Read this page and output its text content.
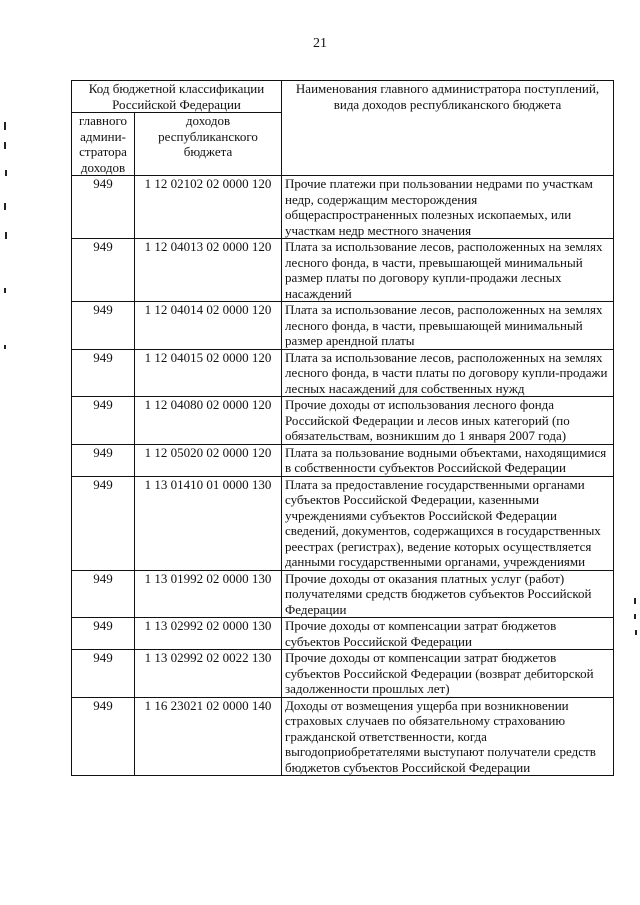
21
Код бюджетной классификации Российской Федерации		Наименования главного администратора поступлений, вида доходов республиканского бюджета
главного админи-стратора доходов	доходов республиканского бюджета	
949	1 12 02102 02 0000 120	Прочие платежи при пользовании недрами по участкам недр, содержащим месторождения общераспространенных полезных ископаемых, или участкам недр местного значения
949	1 12 04013 02 0000 120	Плата за использование лесов, расположенных на землях лесного фонда, в части, превышающей минимальный размер платы по договору купли-продажи лесных насаждений
949	1 12 04014 02 0000 120	Плата за использование лесов, расположенных на землях лесного фонда, в части, превышающей минимальный размер арендной платы
949	1 12 04015 02 0000 120	Плата за использование лесов, расположенных на землях лесного фонда, в части платы по договору купли-продажи лесных насаждений для собственных нужд
949	1 12 04080 02 0000 120	Прочие доходы от использования лесного фонда Российской Федерации и лесов иных категорий (по обязательствам, возникшим до 1 января 2007 года)
949	1 12 05020 02 0000 120	Плата за пользование водными объектами, находящимися в собственности субъектов Российской Федерации
949	1 13 01410 01 0000 130	Плата за предоставление государственными органами субъектов Российской Федерации, казенными учреждениями субъектов Российской Федерации сведений, документов, содержащихся в государственных реестрах (регистрах), ведение которых осуществляется данными государственными органами, учреждениями
949	1 13 01992 02 0000 130	Прочие доходы от оказания платных услуг (работ) получателями средств бюджетов субъектов Российской Федерации
949	1 13 02992 02 0000 130	Прочие доходы от компенсации затрат бюджетов субъектов Российской Федерации
949	1 13 02992 02 0022 130	Прочие доходы от компенсации затрат бюджетов субъектов Российской Федерации (возврат дебиторской задолженности прошлых лет)
949	1 16 23021 02 0000 140	Доходы от возмещения ущерба при возникновении страховых случаев по обязательному страхованию гражданской ответственности, когда выгодоприобретателями выступают получатели средств бюджетов субъектов Российской Федерации
